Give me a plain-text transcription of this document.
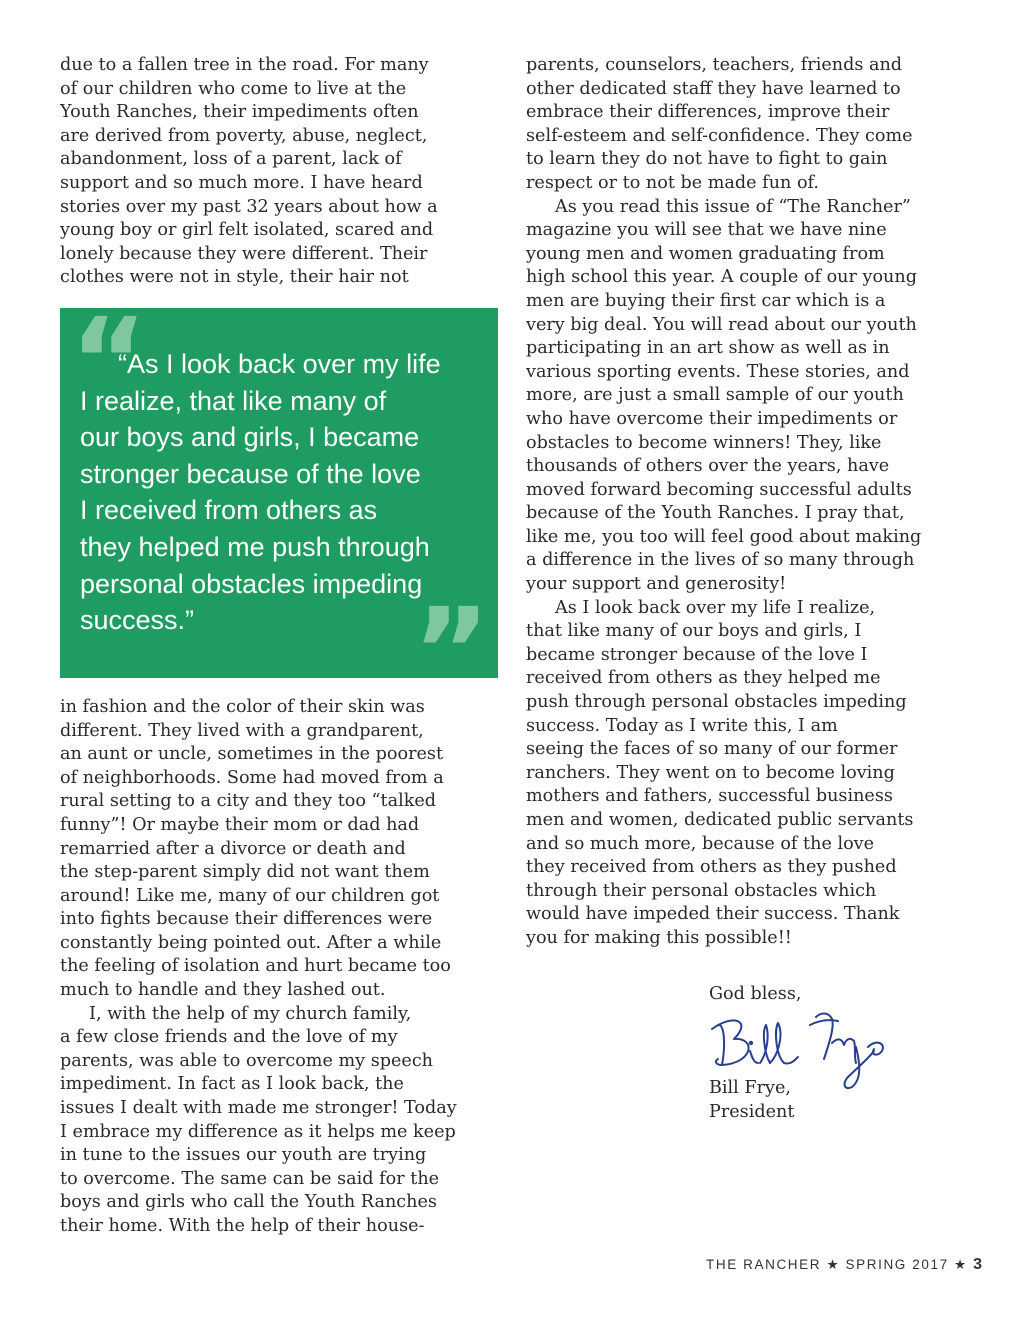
due to a fallen tree in the road. For many
of our children who come to live at the
Youth Ranches, their impediments often
are derived from poverty, abuse, neglect,
abandonment, loss of a parent, lack of
support and so much more. I have heard
stories over my past 32 years about how a
young boy or girl felt isolated, scared and
lonely because they were different. Their
clothes were not in style, their hair not
in fashion and the color of their skin was
different. They lived with a grandparent,
an aunt or uncle, sometimes in the poorest
of neighborhoods. Some had moved from a
rural setting to a city and they too “talked
funny”! Or maybe their mom or dad had
remarried after a divorce or death and
the step-parent simply did not want them
around! Like me, many of our children got
into fights because their differences were
constantly being pointed out. After a while
the feeling of isolation and hurt became too
much to handle and they lashed out.
I, with the help of my church family,
a few close friends and the love of my
parents, was able to overcome my speech
impediment. In fact as I look back, the
issues I dealt with made me stronger! Today
I embrace my difference as it helps me keep
in tune to the issues our youth are trying
to overcome. The same can be said for the
boys and girls who call the Youth Ranches
their home. With the help of their house-
“
“As I look back over my life
I realize, that like many of
our boys and girls, I became
stronger because of the love
I received from others as
they helped me push through
personal obstacles impeding
success.”	”
parents, counselors, teachers, friends and
other dedicated staff they have learned to
embrace their differences, improve their
self-esteem and self-confidence. They come
to learn they do not have to fight to gain
respect or to not be made fun of.
As you read this issue of “The Rancher”
magazine you will see that we have nine
young men and women graduating from
high school this year. A couple of our young
men are buying their first car which is a
very big deal. You will read about our youth
participating in an art show as well as in
various sporting events. These stories, and
more, are just a small sample of our youth
who have overcome their impediments or
obstacles to become winners! They, like
thousands of others over the years, have
moved forward becoming successful adults
because of the Youth Ranches. I pray that,
like me, you too will feel good about making
a difference in the lives of so many through
your support and generosity!
As I look back over my life I realize,
that like many of our boys and girls, I
became stronger because of the love I
received from others as they helped me
push through personal obstacles impeding
success. Today as I write this, I am
seeing the faces of so many of our former
ranchers. They went on to become loving
mothers and fathers, successful business
men and women, dedicated public servants
and so much more, because of the love
they received from others as they pushed
through their personal obstacles which
would have impeded their success. Thank
you for making this possible!!
God bless,
Bill Frye,
President
THE RANCHER ★ SPRING 2017 ★ 3
